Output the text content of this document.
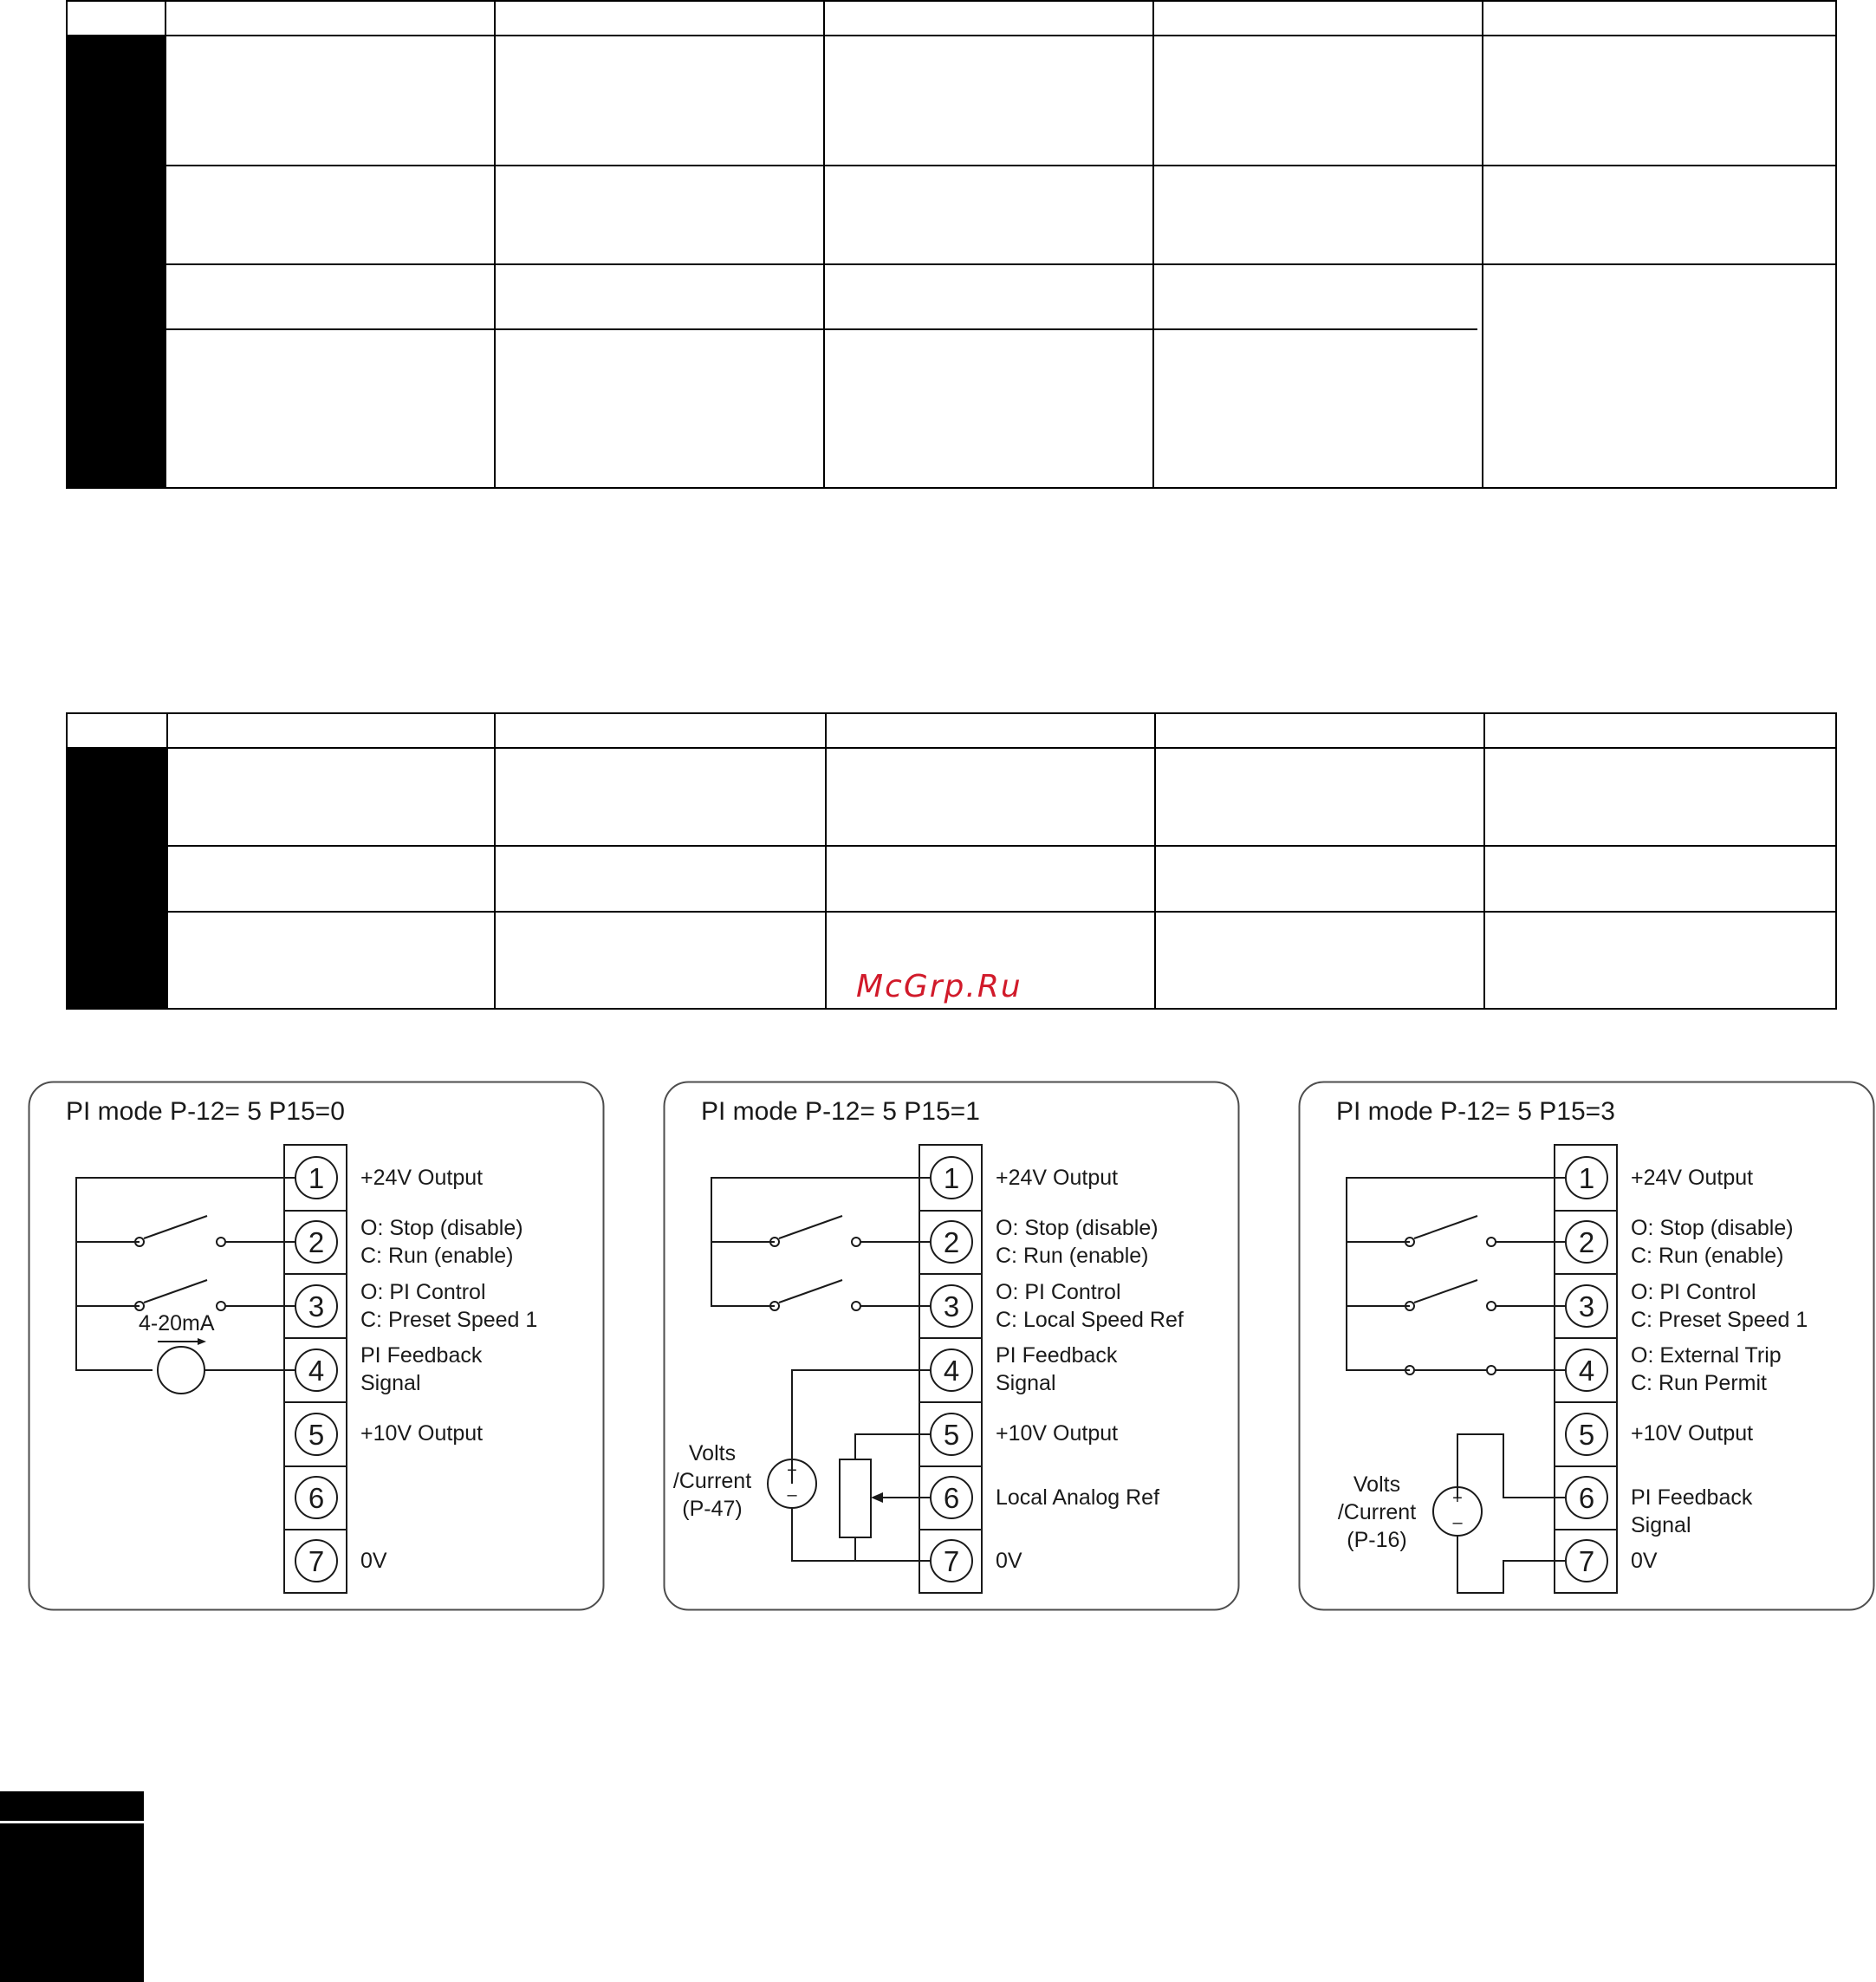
McGrp.Ru
1
2
3
4
5
6
7
PI mode P-12= 5 P15=0
4-20mA
+24V Output
O: Stop (disable)
C: Run (enable)
O: PI Control
C: Preset Speed 1
PI Feedback
Signal
+10V Output
0V
1
2
3
4
5
6
7
+
–
PI mode P-12= 5 P15=1
Volts
/Current
(P-47)
+24V Output
O: Stop (disable)
C: Run (enable)
O: PI Control
C: Local Speed Ref
PI Feedback
Signal
+10V Output
Local Analog Ref
0V
1
2
3
4
5
6
7
+
–
PI mode P-12= 5 P15=3
Volts
/Current
(P-16)
+24V Output
O: Stop (disable)
C: Run (enable)
O: PI Control
C: Preset Speed 1
O: External Trip
C: Run Permit
+10V Output
PI Feedback
Signal
0V
